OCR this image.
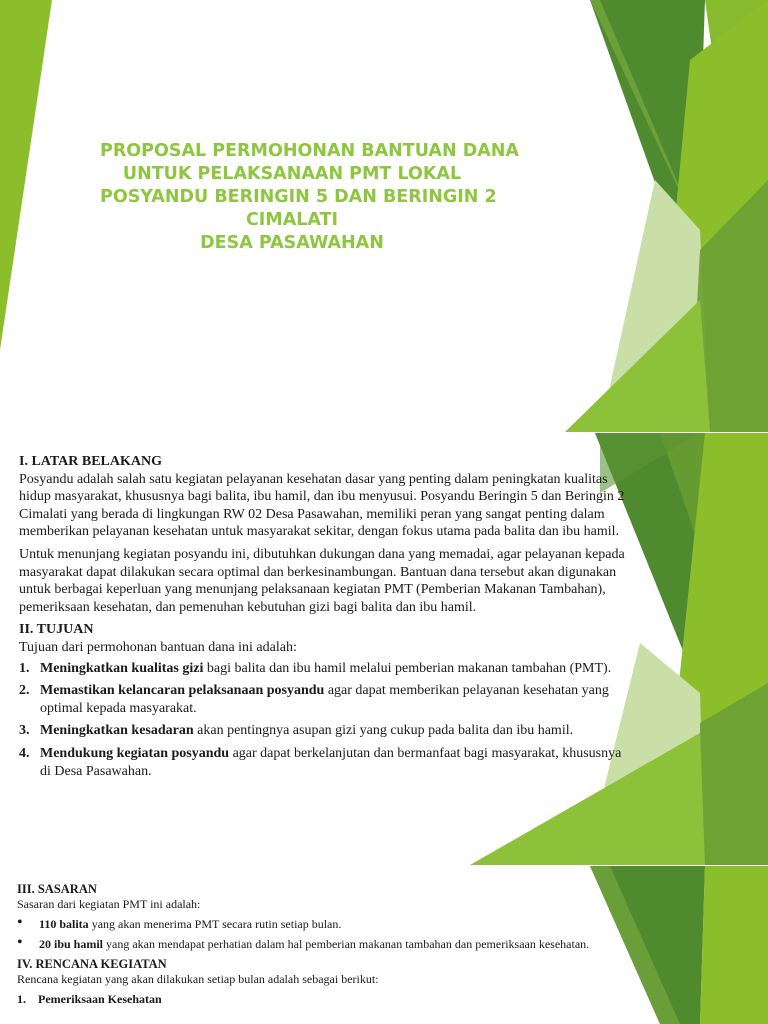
PROPOSAL PERMOHONAN BANTUAN DANA
UNTUK PELAKSANAAN PMT LOKAL
POSYANDU BERINGIN 5 DAN BERINGIN 2
CIMALATI
DESA PASAWAHAN
I. LATAR BELAKANG

Posyandu adalah salah satu kegiatan pelayanan kesehatan dasar yang penting dalam peningkatan kualitas hidup masyarakat, khususnya bagi balita, ibu hamil, dan ibu menyusui. Posyandu Beringin 5 dan Beringin 2 Cimalati yang berada di lingkungan RW 02 Desa Pasawahan, memiliki peran yang sangat penting dalam memberikan pelayanan kesehatan untuk masyarakat sekitar, dengan fokus utama pada balita dan ibu hamil.

Untuk menunjang kegiatan posyandu ini, dibutuhkan dukungan dana yang memadai, agar pelayanan kepada masyarakat dapat dilakukan secara optimal dan berkesinambungan. Bantuan dana tersebut akan digunakan untuk berbagai keperluan yang menunjang pelaksanaan kegiatan PMT (Pemberian Makanan Tambahan), pemeriksaan kesehatan, dan pemenuhan kebutuhan gizi bagi balita dan ibu hamil.

II. TUJUAN

Tujuan dari permohonan bantuan dana ini adalah:

1. Meningkatkan kualitas gizi bagi balita dan ibu hamil melalui pemberian makanan tambahan (PMT).
2. Memastikan kelancaran pelaksanaan posyandu agar dapat memberikan pelayanan kesehatan yang optimal kepada masyarakat.
3. Meningkatkan kesadaran akan pentingnya asupan gizi yang cukup pada balita dan ibu hamil.
4. Mendukung kegiatan posyandu agar dapat berkelanjutan dan bermanfaat bagi masyarakat, khususnya di Desa Pasawahan.
III. SASARAN

Sasaran dari kegiatan PMT ini adalah:

• 110 balita yang akan menerima PMT secara rutin setiap bulan.
• 20 ibu hamil yang akan mendapat perhatian dalam hal pemberian makanan tambahan dan pemeriksaan kesehatan.
IV. RENCANA KEGIATAN

Rencana kegiatan yang akan dilakukan setiap bulan adalah sebagai berikut:

1. Pemeriksaan Kesehatan
